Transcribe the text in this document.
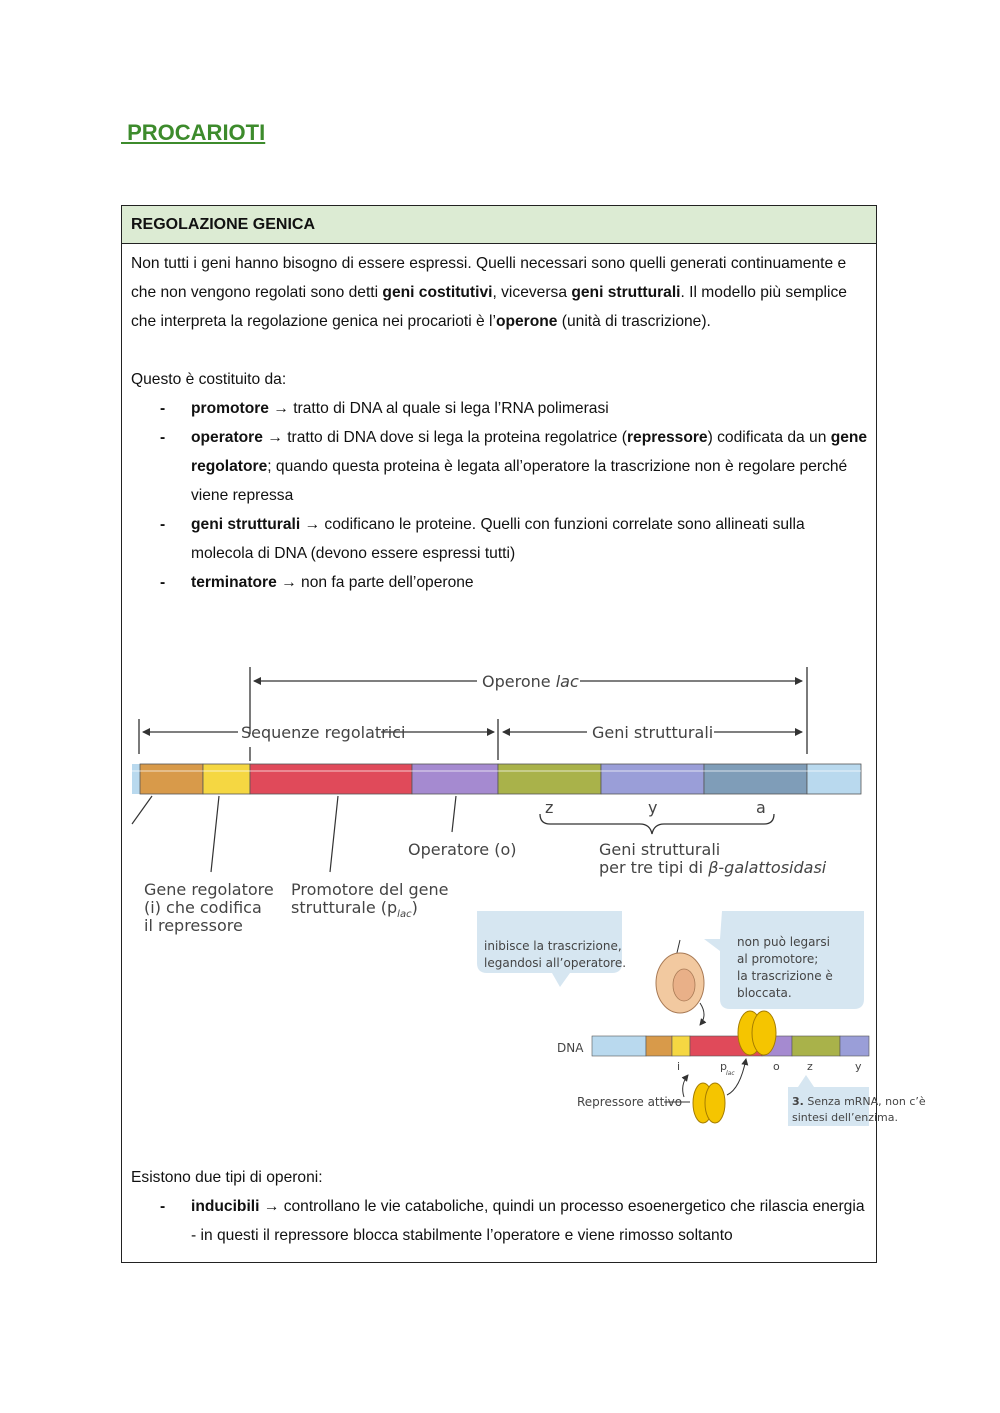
PROCARIOTI
REGOLAZIONE GENICA

Non tutti i geni hanno bisogno di essere espressi. Quelli necessari sono quelli generati continuamente e che non vengono regolati sono detti geni costitutivi, viceversa geni strutturali. Il modello più semplice che interpreta la regolazione genica nei procarioti è l’operone (unità di trascrizione).

Questo è costituito da:

- promotore → tratto di DNA al quale si lega l’RNA polimerasi
- operatore → tratto di DNA dove si lega la proteina regolatrice (repressore) codificata da un gene regolatore; quando questa proteina è legata all’operatore la trascrizione non è regolare perché viene repressa
- geni strutturali → codificano le proteine. Quelli con funzioni correlate sono allineati sulla molecola di DNA (devono essere espressi tutti)
- terminatore → non fa parte dell’operone
Operone lac
Sequenze regolatrici	Geni strutturali
z	y	a
Operatore (o)	Geni strutturali
per tre tipi di β-galattosidasi
Gene regolatore
(i) che codifica
il repressore
Promotore del gene
strutturale $(p_{lac})$
inibisce la trascrizione,
legandosi all’operatore.
non può legarsi
al promotore;
la trascrizione è
bloccata.
DNA
i	p
lac
o z	y
Repressore attivo	3. Senza mRNA, non c’è
sintesi dell’enzima.

Esistono due tipi di operoni:

- inducibili → controllano le vie cataboliche, quindi un processo esoenergetico che rilascia energia - in questi il repressore blocca stabilmente l’operatore e viene rimosso soltanto
